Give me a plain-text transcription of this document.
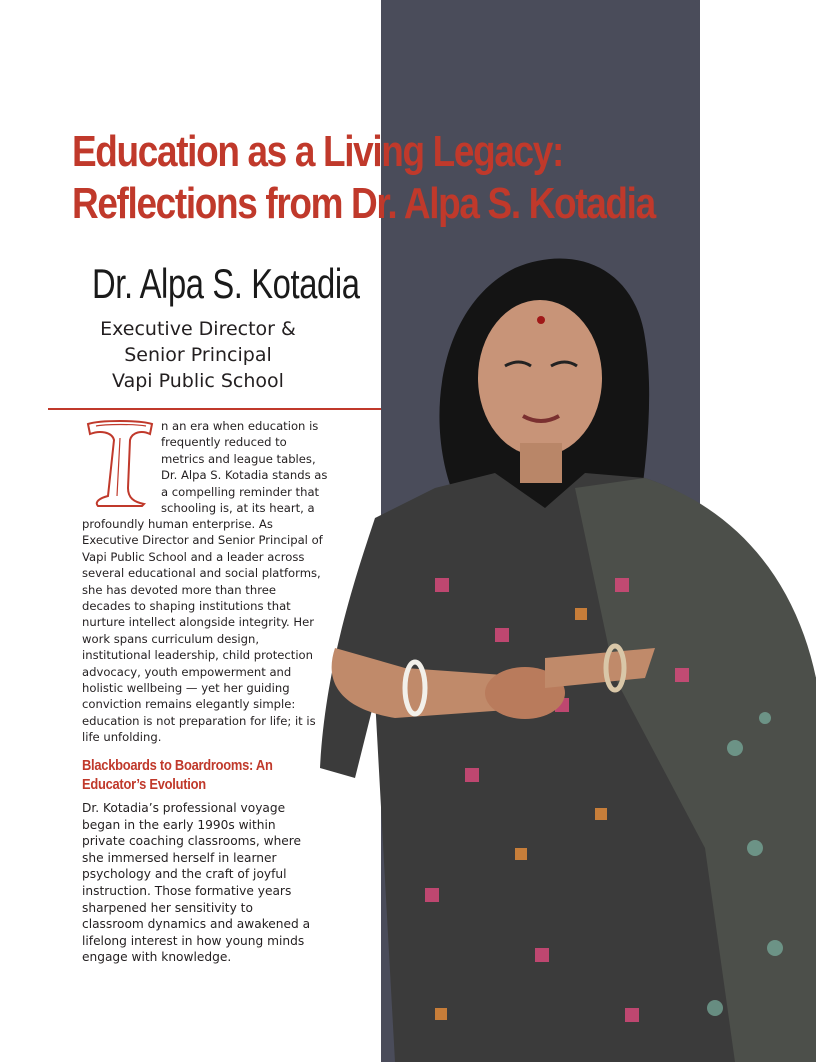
Education as a Living Legacy:
Reflections from Dr. Alpa S. Kotadia
Dr. Alpa S. Kotadia
Executive Director &
Senior Principal
Vapi Public School
n an era when education is
frequently reduced to
metrics and league tables,
Dr. Alpa S. Kotadia stands as
a compelling reminder that
schooling is, at its heart, a
profoundly human enterprise. As
Executive Director and Senior Principal of
Vapi Public School and a leader across
several educational and social platforms,
she has devoted more than three
decades to shaping institutions that
nurture intellect alongside integrity. Her
work spans curriculum design,
institutional leadership, child protection
advocacy, youth empowerment and
holistic wellbeing — yet her guiding
conviction remains elegantly simple:
education is not preparation for life; it is
life unfolding.
Blackboards to Boardrooms: An
Educator’s Evolution
Dr. Kotadia’s professional voyage
began in the early 1990s within
private coaching classrooms, where
she immersed herself in learner
psychology and the craft of joyful
instruction. Those formative years
sharpened her sensitivity to
classroom dynamics and awakened a
lifelong interest in how young minds
engage with knowledge.
